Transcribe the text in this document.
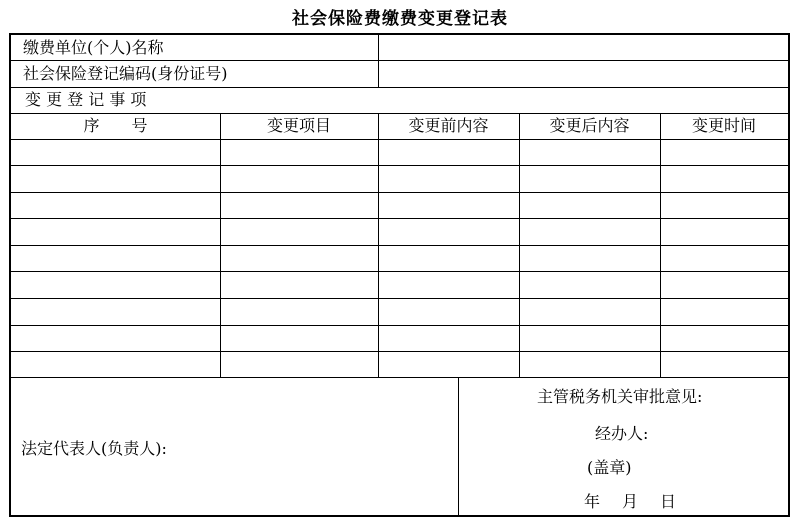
社会保险费缴费变更登记表
缴费单位(个人)名称
社会保险登记编码(身份证号)
变 更 登 记 事 项
序　　号	变更项目	变更前内容	变更后内容	变更时间
法定代表人(负责人):
主管税务机关审批意见:
经办人:
(盖章)
年　月　日
